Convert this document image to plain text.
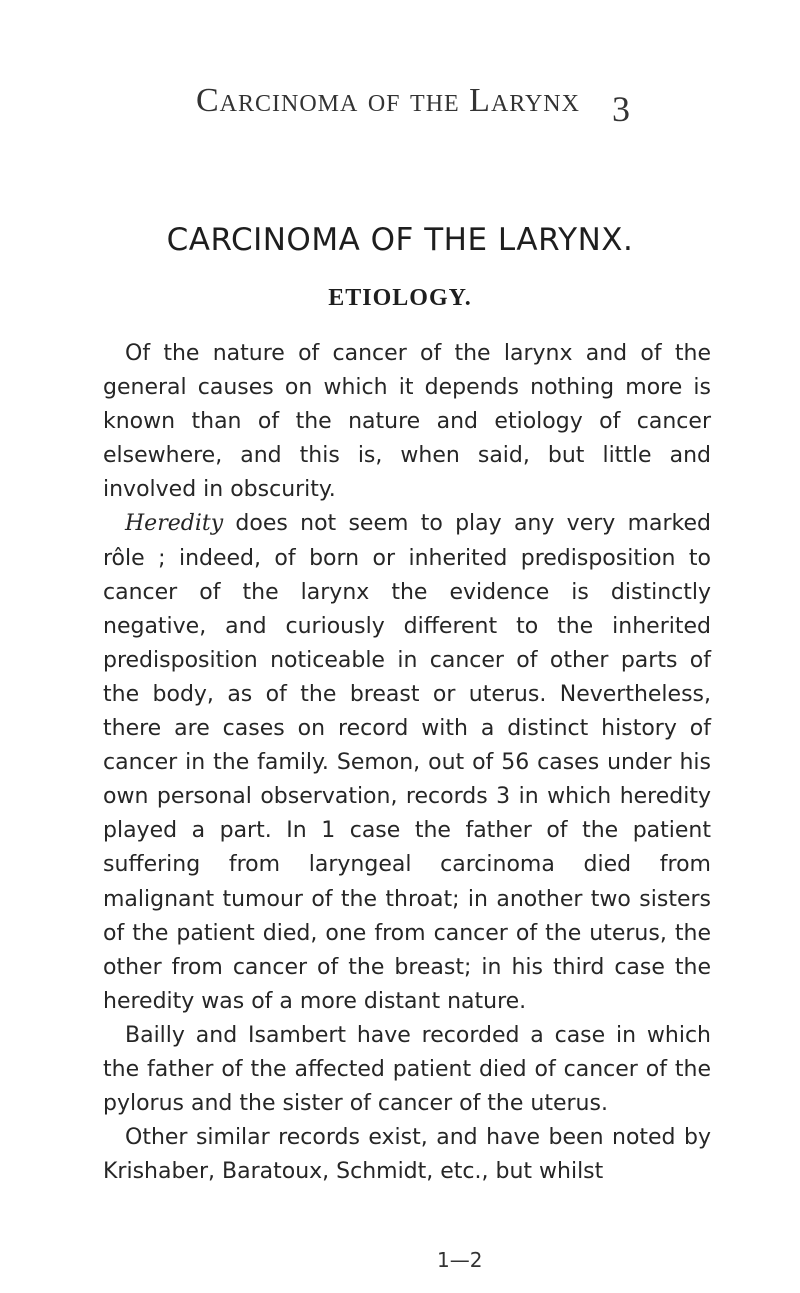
Carcinoma of the Larynx 3
CARCINOMA OF THE LARYNX.
ETIOLOGY.

Of the nature of cancer of the larynx and of the general causes on which it depends nothing more is known than of the nature and etiology of cancer elsewhere, and this is, when said, but little and involved in obscurity.

Heredity does not seem to play any very marked rôle ; indeed, of born or inherited predisposition to cancer of the larynx the evidence is distinctly negative, and curiously different to the inherited predisposition noticeable in cancer of other parts of the body, as of the breast or uterus. Nevertheless, there are cases on record with a distinct history of cancer in the family. Semon, out of 56 cases under his own personal observation, records 3 in which heredity played a part. In 1 case the father of the patient suffering from laryngeal carcinoma died from malignant tumour of the throat; in another two sisters of the patient died, one from cancer of the uterus, the other from cancer of the breast; in his third case the heredity was of a more distant nature.

Bailly and Isambert have recorded a case in which the father of the affected patient died of cancer of the pylorus and the sister of cancer of the uterus.

Other similar records exist, and have been noted by Krishaber, Baratoux, Schmidt, etc., but whilst

1—2
